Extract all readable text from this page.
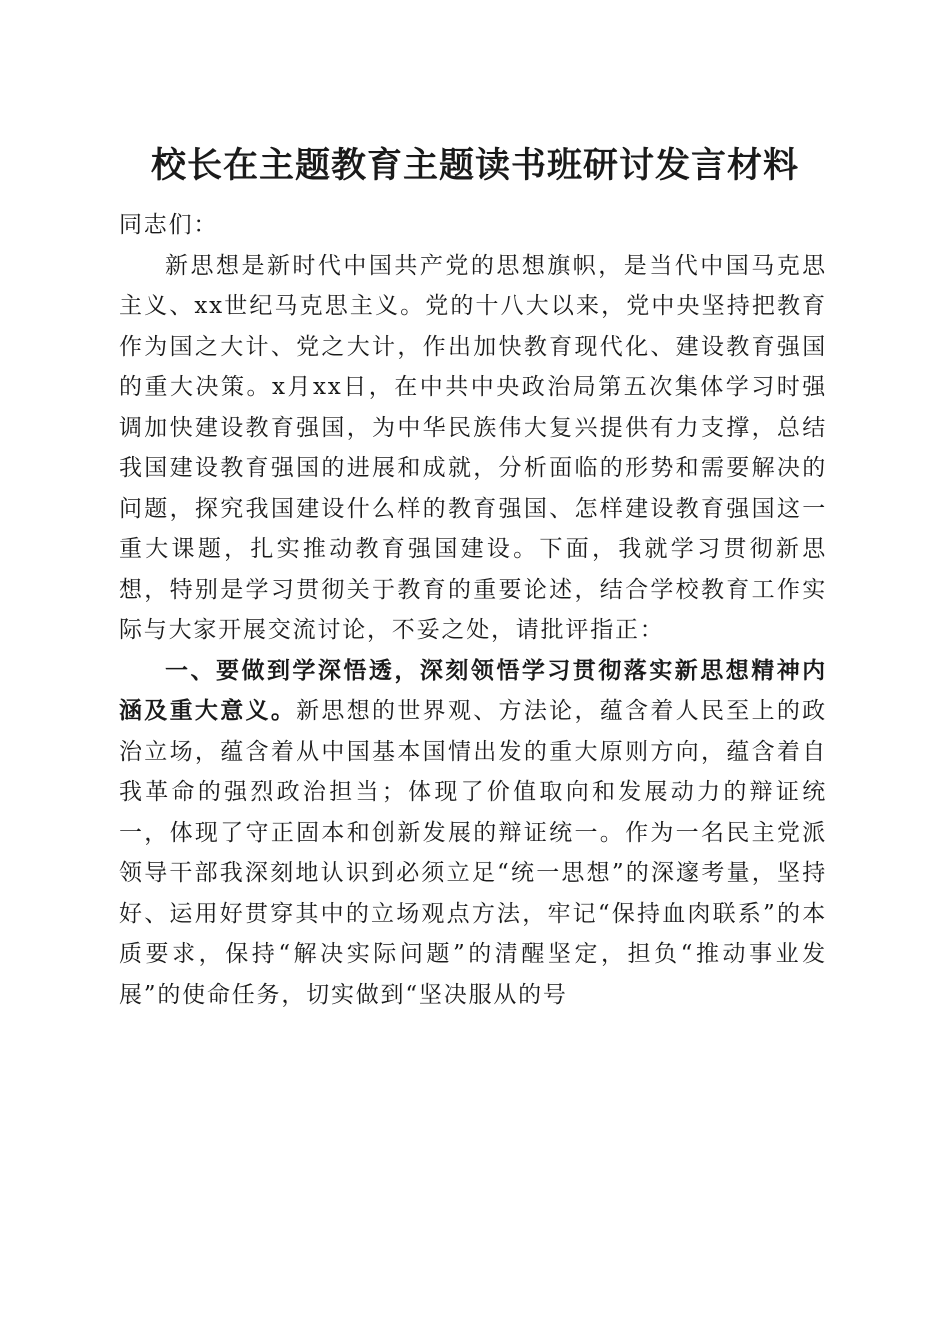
校长在主题教育主题读书班研讨发言材料

同志们：

新思想是新时代中国共产党的思想旗帜，是当代中国马克思主义、xx世纪马克思主义。党的十八大以来，党中央坚持把教育作为国之大计、党之大计，作出加快教育现代化、建设教育强国的重大决策。x月xx日，在中共中央政治局第五次集体学习时强调加快建设教育强国，为中华民族伟大复兴提供有力支撑，总结我国建设教育强国的进展和成就，分析面临的形势和需要解决的问题，探究我国建设什么样的教育强国、怎样建设教育强国这一重大课题，扎实推动教育强国建设。下面，我就学习贯彻新思想，特别是学习贯彻关于教育的重要论述，结合学校教育工作实际与大家开展交流讨论，不妥之处，请批评指正：

一、要做到学深悟透，深刻领悟学习贯彻落实新思想精神内涵及重大意义。新思想的世界观、方法论，蕴含着人民至上的政治立场，蕴含着从中国基本国情出发的重大原则方向，蕴含着自我革命的强烈政治担当；体现了价值取向和发展动力的辩证统一，体现了守正固本和创新发展的辩证统一。作为一名民主党派领导干部我深刻地认识到必须立足“统一思想”的深邃考量，坚持好、运用好贯穿其中的立场观点方法，牢记“保持血肉联系”的本质要求，保持“解决实际问题”的清醒坚定，担负“推动事业发展”的使命任务，切实做到“坚决服从的号
